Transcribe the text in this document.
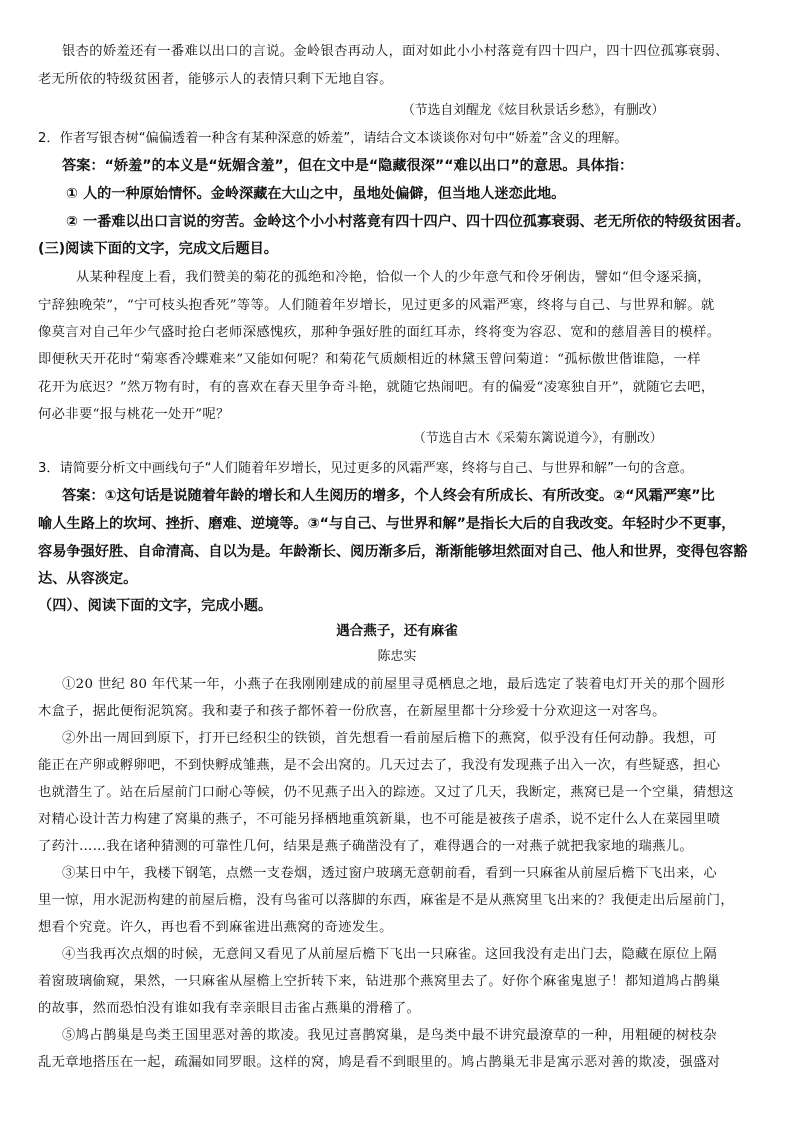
银杏的娇羞还有一番难以出口的言说。金岭银杏再动人，面对如此小小村落竟有四十四户，四十四位孤寡衰弱、
老无所依的特级贫困者，能够示人的表情只剩下无地自容。
（节选自刘醒龙《炫目秋景话乡愁》，有删改）
2．作者写银杏树“偏偏透着一种含有某种深意的娇羞”，请结合文本谈谈你对句中“娇羞”含义的理解。
答案：“娇羞”的本义是“妩媚含羞”，但在文中是“隐藏很深”“难以出口”的意思。具体指：
① 人的一种原始情怀。金岭深藏在大山之中，虽地处偏僻，但当地人迷恋此地。
② 一番难以出口言说的穷苦。金岭这个小小村落竟有四十四户、四十四位孤寡衰弱、老无所依的特级贫困者。
(三)阅读下面的文字，完成文后题目。
从某种程度上看，我们赞美的菊花的孤绝和冷艳，恰似一个人的少年意气和伶牙俐齿，譬如“但令逐采摘，
宁辞独晚荣”，“宁可枝头抱香死”等等。人们随着年岁增长，见过更多的风霜严寒，终将与自己、与世界和解。就
像莫言对自己年少气盛时抢白老师深感愧疚，那种争强好胜的面红耳赤，终将变为容忍、宽和的慈眉善目的模样。
即便秋天开花时“菊寒香冷蝶难来”又能如何呢？和菊花气质颇相近的林黛玉曾问菊道：“孤标傲世偕谁隐，一样
花开为底迟？”然万物有时，有的喜欢在春天里争奇斗艳，就随它热闹吧。有的偏爱“凌寒独自开”，就随它去吧，
何必非要“报与桃花一处开”呢？
（节选自古木《采菊东篱说道今》，有删改）
3．请简要分析文中画线句子“人们随着年岁增长，见过更多的风霜严寒，终将与自己、与世界和解”一句的含意。
答案：①这句话是说随着年龄的增长和人生阅历的增多，个人终会有所成长、有所改变。②“风霜严寒”比
喻人生路上的坎坷、挫折、磨难、逆境等。③“与自己、与世界和解”是指长大后的自我改变。年轻时少不更事，
容易争强好胜、自命清高、自以为是。年龄渐长、阅历渐多后，渐渐能够坦然面对自己、他人和世界，变得包容豁
达、从容淡定。
（四）、阅读下面的文字，完成小题。
遇合燕子，还有麻雀
陈忠实
①20 世纪 80 年代某一年，小燕子在我刚刚建成的前屋里寻觅栖息之地，最后选定了装着电灯开关的那个圆形
木盒子，据此便衔泥筑窝。我和妻子和孩子都怀着一份欣喜，在新屋里都十分珍爱十分欢迎这一对客鸟。
②外出一周回到原下，打开已经积尘的铁锁，首先想看一看前屋后檐下的燕窝，似乎没有任何动静。我想，可
能正在产卵或孵卵吧，不到快孵成雏燕，是不会出窝的。几天过去了，我没有发现燕子出入一次，有些疑惑，担心
也就潜生了。站在后屋前门口耐心等候，仍不见燕子出入的踪迹。又过了几天，我断定，燕窝已是一个空巢，猜想这
对精心设计苦力构建了窝巢的燕子，不可能另择栖地重筑新巢，也不可能是被孩子虐杀，说不定什么人在菜园里喷
了药汁……我在诸种猜测的可靠性几何，结果是燕子确凿没有了，难得遇合的一对燕子就把我家地的瑞燕儿。
③某日中午，我楼下钢笔，点燃一支卷烟，透过窗户玻璃无意朝前看，看到一只麻雀从前屋后檐下飞出来，心
里一惊，用水泥沥构建的前屋后檐，没有鸟雀可以落脚的东西，麻雀是不是从燕窝里飞出来的？我便走出后屋前门，
想看个究竟。许久，再也看不到麻雀进出燕窝的奇迹发生。
④当我再次点烟的时候，无意间又看见了从前屋后檐下飞出一只麻雀。这回我没有走出门去，隐藏在原位上隔
着窗玻璃偷窥，果然，一只麻雀从屋檐上空折转下来，钻进那个燕窝里去了。好你个麻雀鬼崽子！都知道鸠占鹊巢
的故事，然而恐怕没有谁如我有幸亲眼目击雀占燕巢的滑稽了。
⑤鸠占鹊巢是鸟类王国里恶对善的欺凌。我见过喜鹊窝巢，是鸟类中最不讲究最潦草的一种，用粗硬的树枝杂
乱无章地搭压在一起，疏漏如同罗眼。这样的窝，鸠是看不到眼里的。鸠占鹊巢无非是寓示恶对善的欺凌，强盛对
